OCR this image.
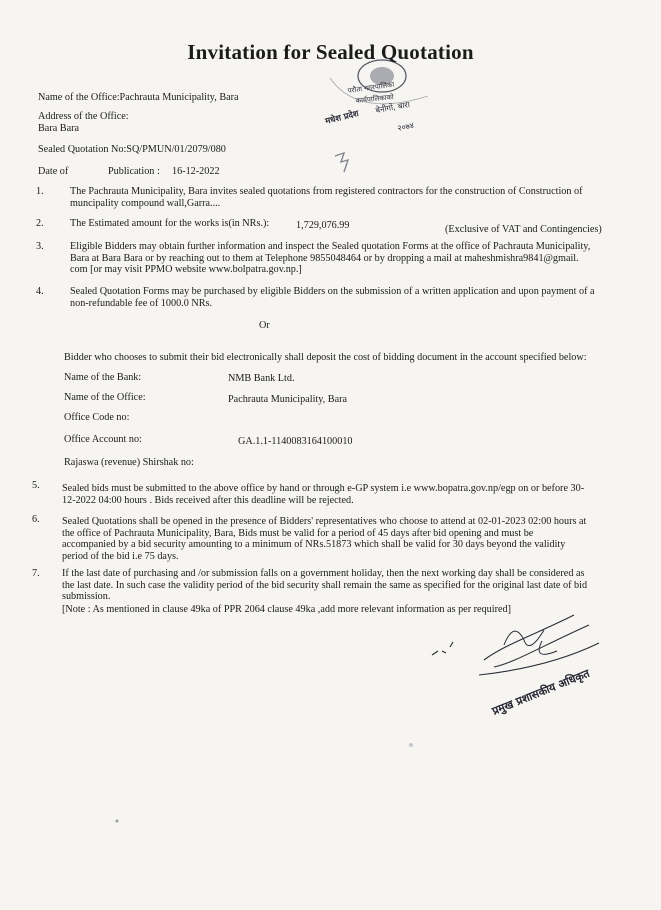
Invitation for Sealed Quotation
परौता नगरपालिका
कार्यपालिकाको
बेनीगों, बारा
मधेश प्रदेश	२०७४
Name of the Office:Pachrauta Municipality, Bara
Address of the Office:
Bara Bara
Sealed Quotation No:SQ/PMUN/01/2079/080
Date of	Publication : 16-12-2022
1.	The Pachrauta Municipality, Bara invites sealed quotations from registered contractors for the construction of Construction of
muncipality compound wall,Garra....
2.	The Estimated amount for the works is(in NRs.):	1,729,076.99	(Exclusive of VAT and Contingencies)
3.	Eligible Bidders may obtain further information and inspect the Sealed quotation Forms at the office of Pachrauta Municipality,
Bara at Bara Bara or by reaching out to them at Telephone 9855048464 or by dropping a mail at maheshmishra9841@gmail.
com [or may visit PPMO website www.bolpatra.gov.np.]
4.	Sealed Quotation Forms may be purchased by eligible Bidders on the submission of a written application and upon payment of a
non-refundable fee of 1000.0 NRs.
Or
Bidder who chooses to submit their bid electronically shall deposit the cost of bidding document in the account specified below:
Name of the Bank:	NMB Bank Ltd.
Name of the Office:	Pachrauta Municipality, Bara
Office Code no:
Office Account no:	GA.1.1-1140083164100010
Rajaswa (revenue) Shirshak no:
5. Sealed bids must be submitted to the above office by hand or through e-GP system i.e www.bopatra.gov.np/egp on or before 30-
12-2022 04:00 hours . Bids received after this deadline will be rejected.
6. Sealed Quotations shall be opened in the presence of Bidders' representatives who choose to attend at 02-01-2023 02:00 hours at
the office of Pachrauta Municipality, Bara, Bids must be valid for a period of 45 days after bid opening and must be
accompanied by a bid security amounting to a minimum of NRs.51873 which shall be valid for 30 days beyond the validity
period of the bid i.e 75 days.
7. If the last date of purchasing and /or submission falls on a government holiday, then the next working day shall be considered as
the last date. In such case the validity period of the bid security shall remain the same as specified for the original last date of bid
submission.
[Note : As mentioned in clause 49ka of PPR 2064 clause 49ka ,add more relevant information as per required]
प्रमुख प्रशासकीय अधिकृत
